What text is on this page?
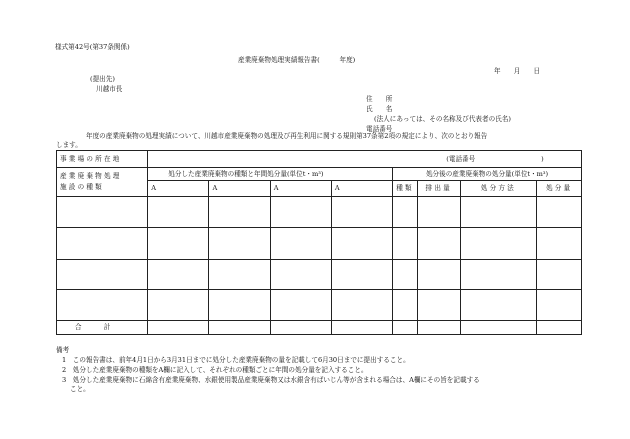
様式第42号(第37条関係)
産業廃棄物処理実績報告書(　　　年度)
年　　月　　日
(提出先)
川越市長
住　　所
氏　　名
(法人にあっては、その名称及び代表者の氏名)
電話番号
年度の産業廃棄物の処理実績について、川越市産業廃棄物の処理及び再生利用に関する規則第37条第2項の規定により、次のとおり報告
します。
事業場の所在地	(電話番号　　　　　　　　　　)							

産業廃棄物処理
施設の種類	処分した産業廃棄物の種類と年間処分量(単位t・m³)				処分後の産業廃棄物の処分量(単位t・m³)			
	A	A	A	A	種類	排出量	処分方法	処分量

合　　計								
備考
1　この報告書は、前年4月1日から3月31日までに処分した産業廃棄物の量を記載して6月30日までに提出すること。
2　処分した産業廃棄物の種類をA欄に記入して、それぞれの種類ごとに年間の処分量を記入すること。
3　処分した産業廃棄物に石綿含有産業廃棄物、水銀使用製品産業廃棄物又は水銀含有ばいじん等が含まれる場合は、A欄にその旨を記載する
こと。
